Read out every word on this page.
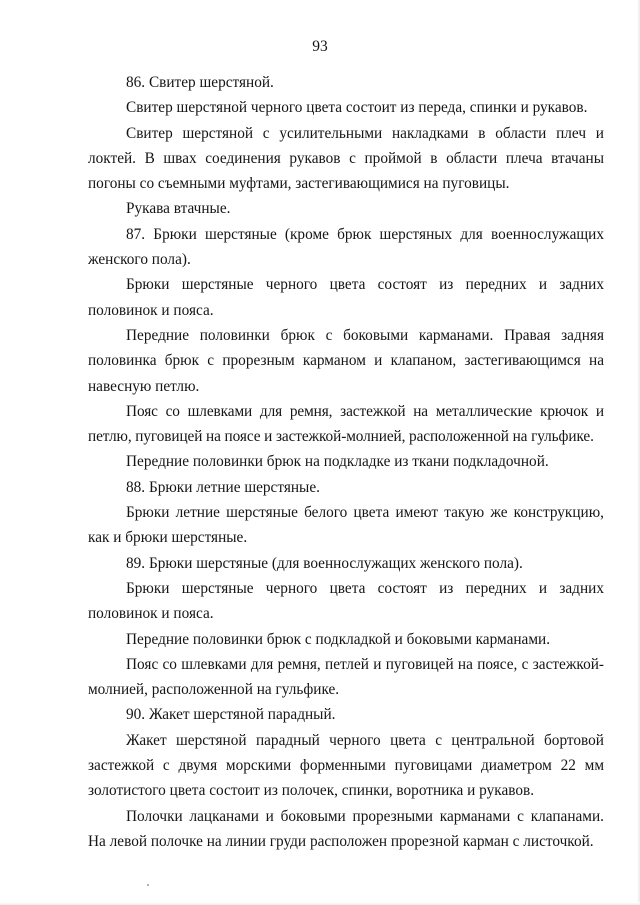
93

86. Свитер шерстяной.

Свитер шерстяной черного цвета состоит из переда, спинки и рукавов.

Свитер шерстяной с усилительными накладками в области плеч и локтей. В швах соединения рукавов с проймой в области плеча втачаны погоны со съемными муфтами, застегивающимися на пуговицы.

Рукава втачные.

87. Брюки шерстяные (кроме брюк шерстяных для военнослужащих женского пола).

Брюки шерстяные черного цвета состоят из передних и задних половинок и пояса.

Передние половинки брюк с боковыми карманами. Правая задняя половинка брюк с прорезным карманом и клапаном, застегивающимся на навесную петлю.

Пояс со шлевками для ремня, застежкой на металлические крючок и петлю, пуговицей на поясе и застежкой-молнией, расположенной на гульфике.

Передние половинки брюк на подкладке из ткани подкладочной.

88. Брюки летние шерстяные.

Брюки летние шерстяные белого цвета имеют такую же конструкцию, как и брюки шерстяные.

89. Брюки шерстяные (для военнослужащих женского пола).

Брюки шерстяные черного цвета состоят из передних и задних половинок и пояса.

Передние половинки брюк с подкладкой и боковыми карманами.

Пояс со шлевками для ремня, петлей и пуговицей на поясе, с застежкой-молнией, расположенной на гульфике.

90. Жакет шерстяной парадный.

Жакет шерстяной парадный черного цвета с центральной бортовой застежкой с двумя морскими форменными пуговицами диаметром 22 мм золотистого цвета состоит из полочек, спинки, воротника и рукавов.

Полочки лацканами и боковыми прорезными карманами с клапанами. На левой полочке на линии груди расположен прорезной карман с листочкой.
